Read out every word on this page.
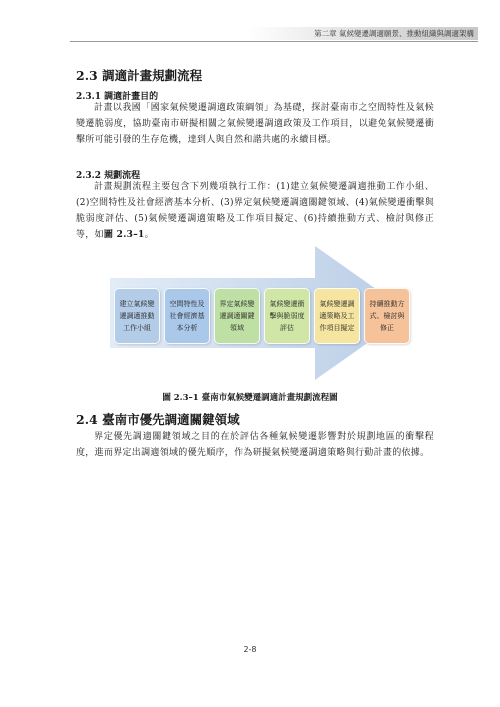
第二章 氣候變遷調適願景、推動組織與調適架構
2.3 調適計畫規劃流程
2.3.1 調適計畫目的
計畫以我國「國家氣候變遷調適政策綱領」為基礎，探討臺南市之空間特性及氣候變遷脆弱度，協助臺南市研擬相關之氣候變遷調適政策及工作項目，以避免氣候變遷衝擊所可能引發的生存危機，達到人與自然和諧共處的永續目標。
2.3.2 規劃流程
計畫規劃流程主要包含下列幾項執行工作：(1)建立氣候變遷調適推動工作小組、(2)空間特性及社會經濟基本分析、(3)界定氣候變遷調適關鍵領域、(4)氣候變遷衝擊與脆弱度評估、(5)氣候變遷調適策略及工作項目擬定、(6)持續推動方式、檢討與修正等，如圖 2.3–1。
建立氣候變遷調適推動工作小組
空間特性及社會經濟基本分析
界定氣候變遷調適關鍵領域
氣候變遷衝擊與脆弱度評估
氣候變遷調適策略及工作項目擬定
持續推動方式、檢討與修正
圖 2.3–1 臺南市氣候變遷調適計畫規劃流程圖
2.4 臺南市優先調適關鍵領域
界定優先調適關鍵領域之目的在於評估各種氣候變遷影響對於規劃地區的衝擊程度，進而界定出調適領域的優先順序，作為研擬氣候變遷調適策略與行動計畫的依據。
2-8
